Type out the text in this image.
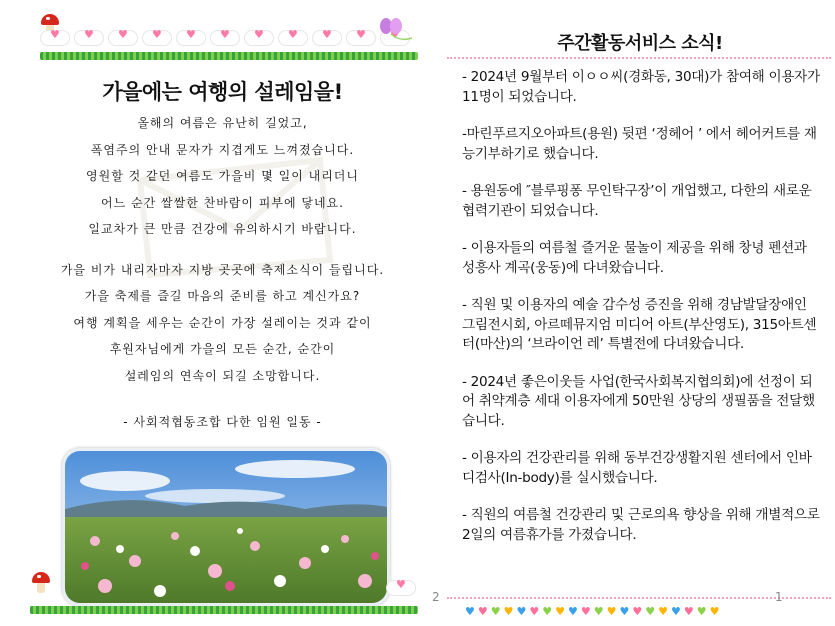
♥
♥
♥
♥
♥
♥
♥
♥
♥
♥
♥
가을에는 여행의 설레임을!
올해의 여름은 유난히 길었고,
폭염주의 안내 문자가 지겹게도 느껴졌습니다.
영원할 것 같던 여름도 가을비 몇 일이 내리더니
어느 순간 쌀쌀한 찬바람이 피부에 닿네요.
일교차가 큰 만큼 건강에 유의하시기 바랍니다.
가을 비가 내리자마자 지방 곳곳에 축제소식이 들립니다.
가을 축제를 즐길 마음의 준비를 하고 계신가요?
여행 계획을 세우는 순간이 가장 설레이는 것과 같이
후원자님에게 가을의 모든 순간, 순간이
설레임의 연속이 되길 소망합니다.
- 사회적협동조합 다한 임원 일동 -
♥
2
주간활동서비스 소식!
- 2024년 9월부터 이ㅇㅇ씨(경화동, 30대)가 참여해 이용자가 11명이 되었습니다.
-마린푸르지오아파트(용원) 뒷편 ‘정헤어 ’ 에서 헤어커트를 재능기부하기로 했습니다.
- 용원동에 ″블루핑퐁 무인탁구장’이 개업했고, 다한의 새로운 협력기관이 되었습니다.
- 이용자들의 여름철 즐거운 물놀이 제공을 위해 창녕 펜션과 성흥사 계곡(웅동)에 다녀왔습니다.
- 직원 및 이용자의 예술 감수성 증진을 위해 경남발달장애인 그림전시회, 아르떼뮤지엄 미디어 아트(부산영도), 315아트센터(마산)의 ‘브라이언 레’ 특별전에 다녀왔습니다.
- 2024년 좋은이웃들 사업(한국사회복지협의회)에 선정이 되어 취약계층 세대 이용자에게 50만원 상당의 생필품을 전달했습니다.
- 이용자의 건강관리를 위해 동부건강생활지원 센터에서 인바디검사(In-body)를 실시했습니다.
- 직원의 여름철 건강관리 및 근로의욕 향상을 위해 개별적으로 2일의 여름휴가를 가졌습니다.
♥ ♥ ♥ ♥ ♥ ♥ ♥ ♥ ♥ ♥ ♥ ♥ ♥ ♥ ♥ ♥ ♥ ♥ ♥ ♥
1
